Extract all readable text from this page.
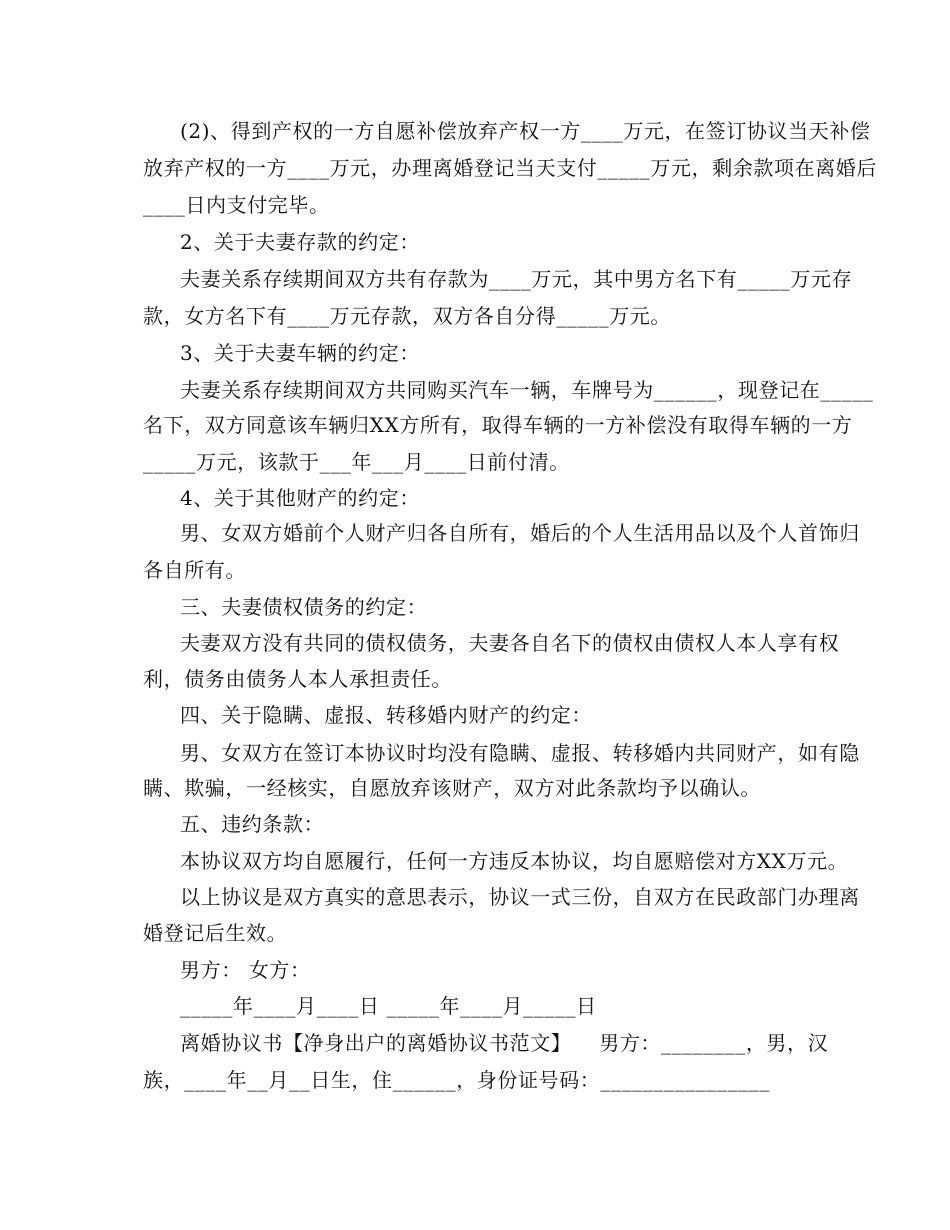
(2)、得到产权的一方自愿补偿放弃产权一方____万元，在签订协议当天补偿
放弃产权的一方____万元，办理离婚登记当天支付_____万元，剩余款项在离婚后
____日内支付完毕。
2、关于夫妻存款的约定：
夫妻关系存续期间双方共有存款为____万元，其中男方名下有_____万元存
款，女方名下有____万元存款，双方各自分得_____万元。
3、关于夫妻车辆的约定：
夫妻关系存续期间双方共同购买汽车一辆，车牌号为______，现登记在_____
名下，双方同意该车辆归XX方所有，取得车辆的一方补偿没有取得车辆的一方
_____万元，该款于___年___月____日前付清。
4、关于其他财产的约定：
男、女双方婚前个人财产归各自所有，婚后的个人生活用品以及个人首饰归
各自所有。
三、夫妻债权债务的约定：
夫妻双方没有共同的债权债务，夫妻各自名下的债权由债权人本人享有权
利，债务由债务人本人承担责任。
四、关于隐瞒、虚报、转移婚内财产的约定：
男、女双方在签订本协议时均没有隐瞒、虚报、转移婚内共同财产，如有隐
瞒、欺骗，一经核实，自愿放弃该财产，双方对此条款均予以确认。
五、违约条款：
本协议双方均自愿履行，任何一方违反本协议，均自愿赔偿对方XX万元。
以上协议是双方真实的意思表示，协议一式三份，自双方在民政部门办理离
婚登记后生效。
男方： 女方：
_____年____月____日 _____年____月_____日
离婚协议书【净身出户的离婚协议书范文】    男方：________，男，汉
族，____年__月__日生，住______，身份证号码：________________
